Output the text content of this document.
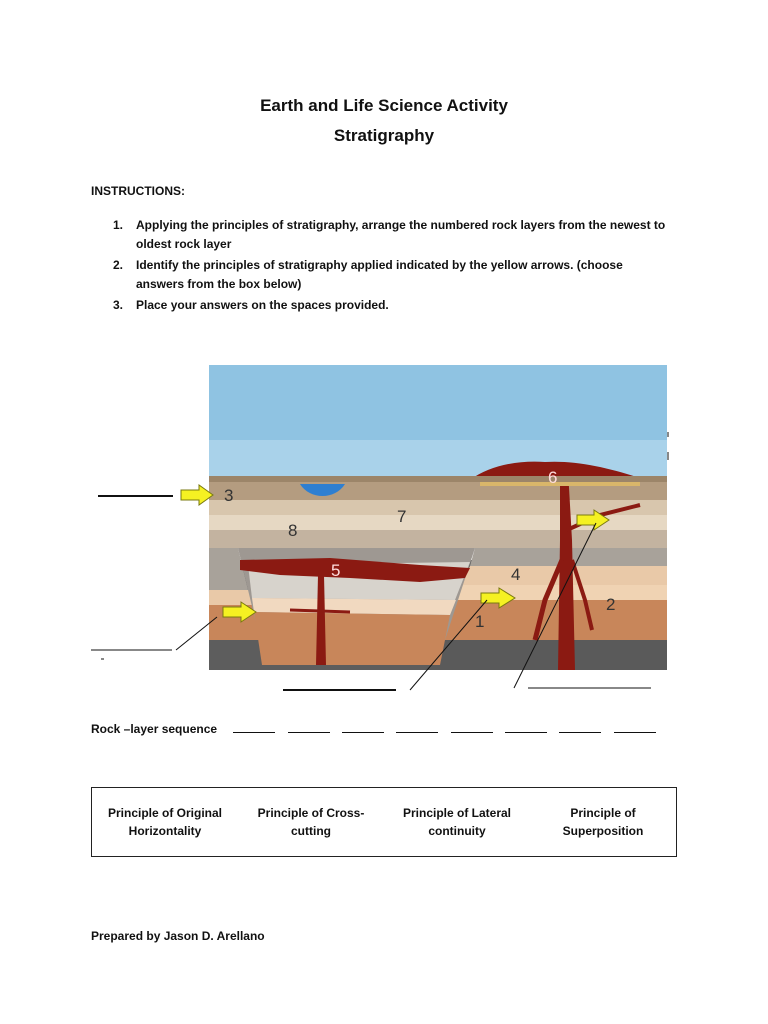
Earth and Life Science Activity
Stratigraphy
INSTRUCTIONS:
1.	Applying the principles of stratigraphy, arrange the numbered rock layers from the newest to oldest rock layer
2.	Identify the principles of stratigraphy applied indicated by the yellow arrows. (choose answers from the box below)
3.	Place your answers on the spaces provided.
3
8
7
5	4
2
1
6
Rock –layer sequence
Principle of Original Horizontality
Principle of Cross-cutting
Principle of Lateral continuity
Principle of Superposition
Prepared by Jason D. Arellano
